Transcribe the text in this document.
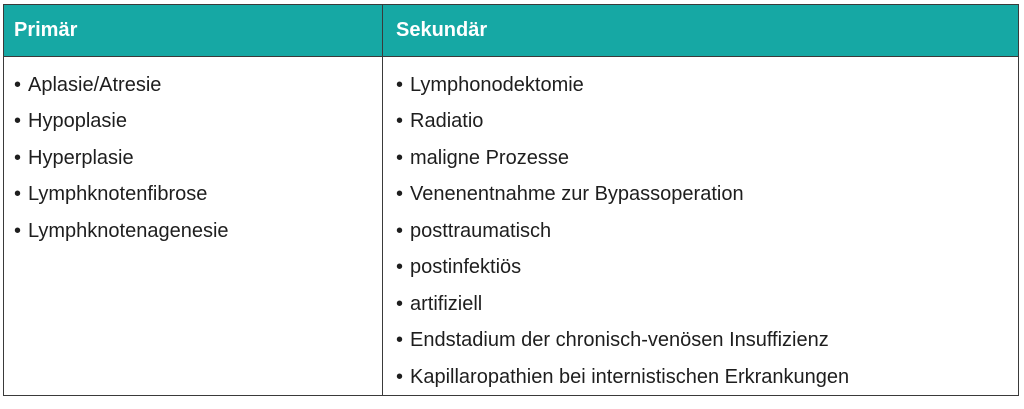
Primär	Sekundär
• Aplasie/Atresie
• Hypoplasie
• Hyperplasie
• Lymphknotenfibrose
• Lymphknotenagenesie
• Lymphonodektomie
• Radiatio
• maligne Prozesse
• Venenentnahme zur Bypassoperation
• posttraumatisch
• postinfektiös
• artifiziell
• Endstadium der chronisch-venösen Insuffizienz
• Kapillaropathien bei internistischen Erkrankungen
